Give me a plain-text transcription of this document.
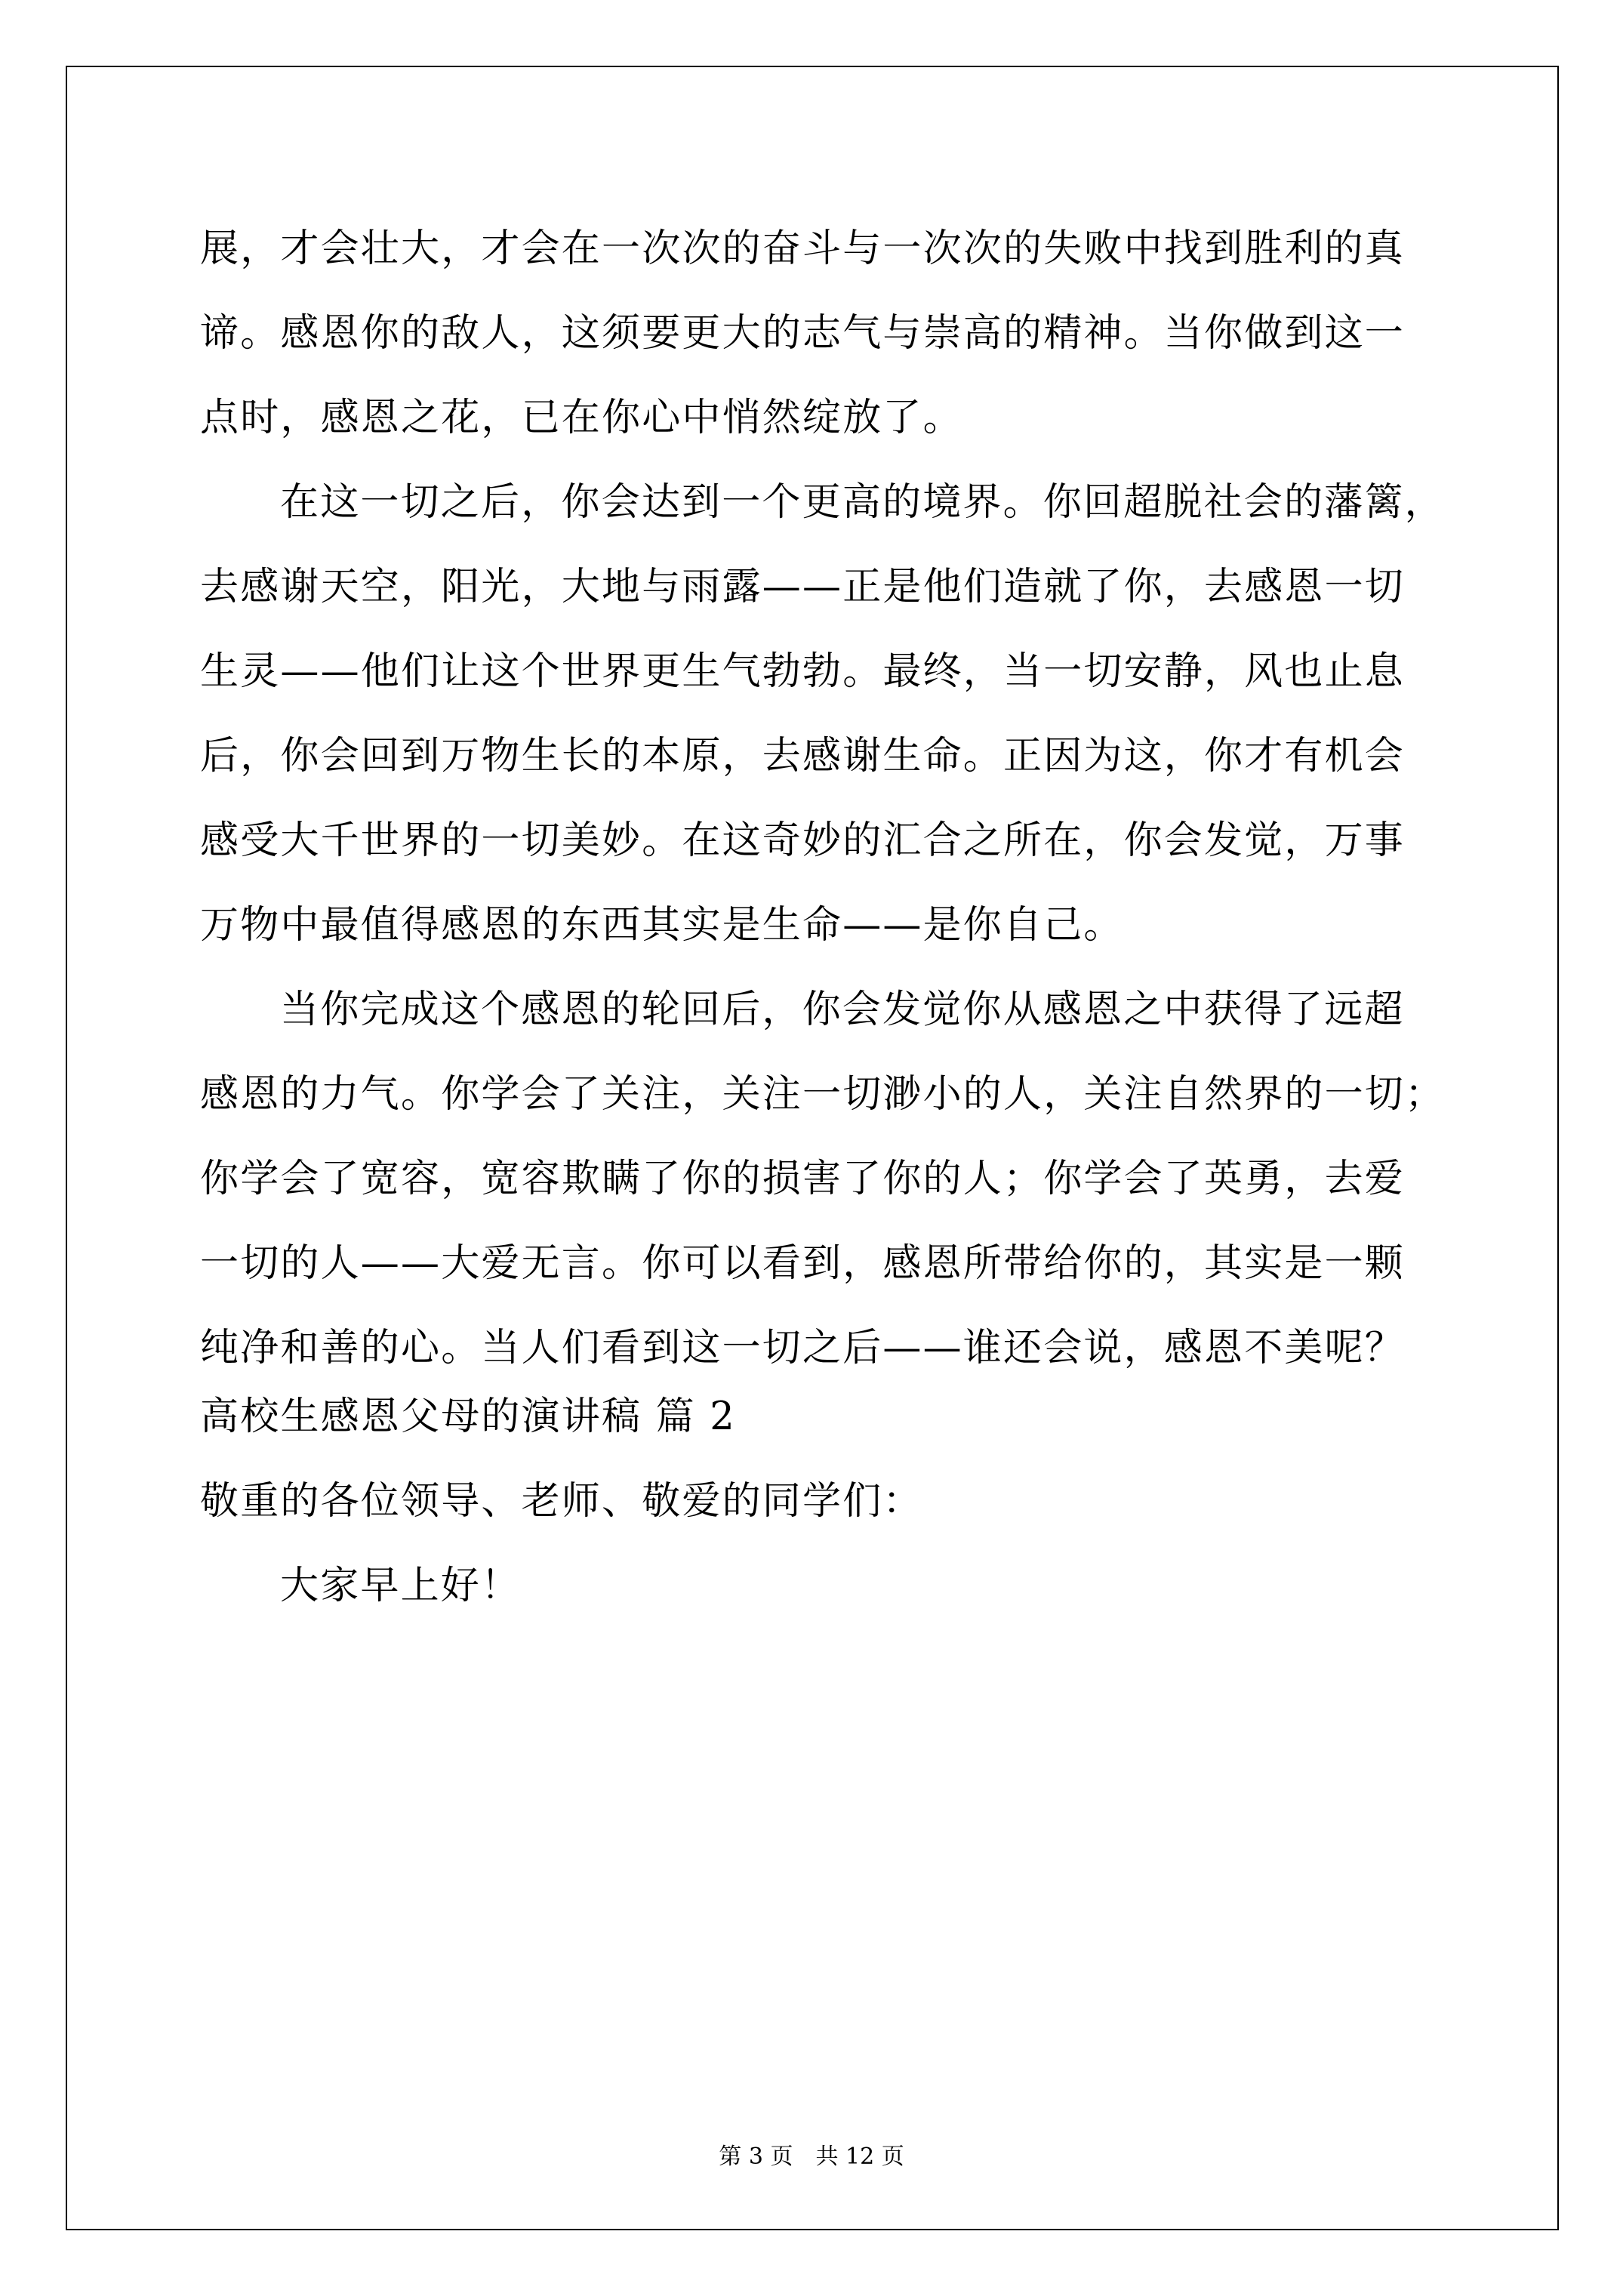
展，才会壮大，才会在一次次的奋斗与一次次的失败中找到胜利的真
谛。感恩你的敌人，这须要更大的志气与崇高的精神。当你做到这一
点时，感恩之花，已在你心中悄然绽放了。
在这一切之后，你会达到一个更高的境界。你回超脱社会的藩篱，
去感谢天空，阳光，大地与雨露——正是他们造就了你，去感恩一切
生灵——他们让这个世界更生气勃勃。最终，当一切安静，风也止息
后，你会回到万物生长的本原，去感谢生命。正因为这，你才有机会
感受大千世界的一切美妙。在这奇妙的汇合之所在，你会发觉，万事
万物中最值得感恩的东西其实是生命——是你自己。
当你完成这个感恩的轮回后，你会发觉你从感恩之中获得了远超
感恩的力气。你学会了关注，关注一切渺小的人，关注自然界的一切；
你学会了宽容，宽容欺瞒了你的损害了你的人；你学会了英勇，去爱
一切的人——大爱无言。你可以看到，感恩所带给你的，其实是一颗
纯净和善的心。当人们看到这一切之后——谁还会说，感恩不美呢？
高校生感恩父母的演讲稿 篇 2
敬重的各位领导、老师、敬爱的同学们：
大家早上好！
第 3 页 共 12 页
